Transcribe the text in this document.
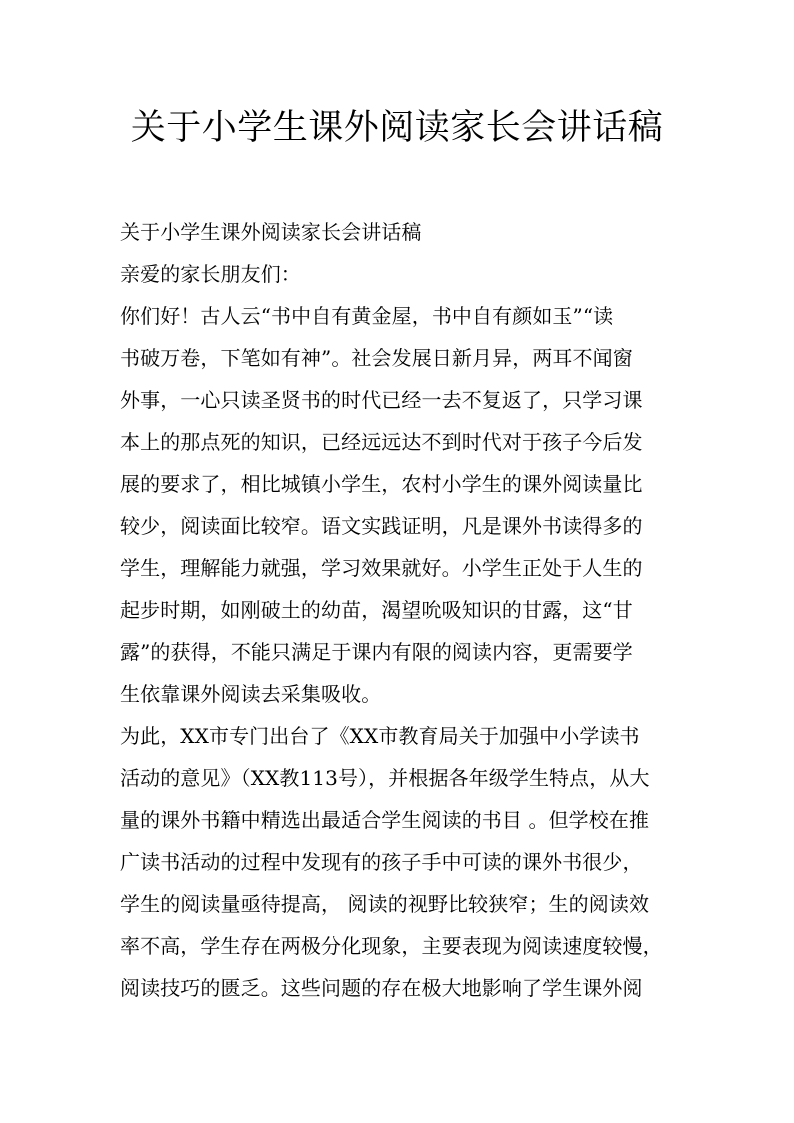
关于小学生课外阅读家长会讲话稿
关于小学生课外阅读家长会讲话稿
亲爱的家长朋友们：
你们好！古人云“书中自有黄金屋，书中自有颜如玉”“读
书破万卷，下笔如有神”。社会发展日新月异，两耳不闻窗
外事，一心只读圣贤书的时代已经一去不复返了，只学习课
本上的那点死的知识，已经远远达不到时代对于孩子今后发
展的要求了，相比城镇小学生，农村小学生的课外阅读量比
较少，阅读面比较窄。语文实践证明，凡是课外书读得多的
学生，理解能力就强，学习效果就好。小学生正处于人生的
起步时期，如刚破土的幼苗，渴望吮吸知识的甘露，这“甘
露”的获得，不能只满足于课内有限的阅读内容，更需要学
生依靠课外阅读去采集吸收。
为此，XX市专门出台了《XX市教育局关于加强中小学读书
活动的意见》（XX教113号），并根据各年级学生特点，从大
量的课外书籍中精选出最适合学生阅读的书目 。但学校在推
广读书活动的过程中发现有的孩子手中可读的课外书很少，
学生的阅读量亟待提高， 阅读的视野比较狭窄；生的阅读效
率不高，学生存在两极分化现象，主要表现为阅读速度较慢，
阅读技巧的匮乏。这些问题的存在极大地影响了学生课外阅
